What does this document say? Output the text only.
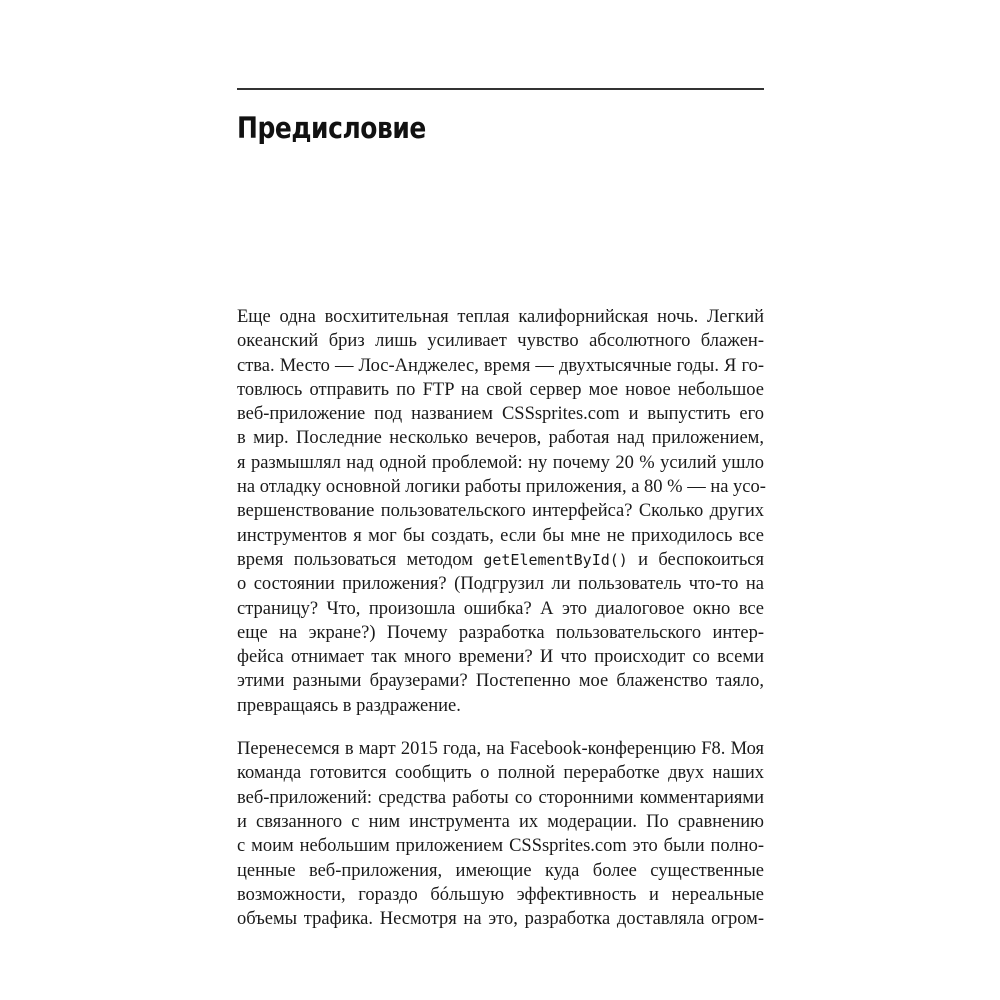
Предисловие

Еще одна восхитительная теплая калифорнийская ночь. Легкий
океанский бриз лишь усиливает чувство абсолютного блажен-
ства. Место — Лос-Анджелес, время — двухтысячные годы. Я го-
товлюсь отправить по FTP на свой сервер мое новое небольшое
веб-приложение под названием CSSsprites.com и выпустить его
в мир. Последние несколько вечеров, работая над приложением,
я размышлял над одной проблемой: ну почему 20 % усилий ушло
на отладку основной логики работы приложения, а 80 % — на усо-
вершенствование пользовательского интерфейса? Сколько других
инструментов я мог бы создать, если бы мне не приходилось все
время пользоваться методом getElementById() и беспокоиться
о состоянии приложения? (Подгрузил ли пользователь что-то на
страницу? Что, произошла ошибка? А это диалоговое окно все
еще на экране?) Почему разработка пользовательского интер-
фейса отнимает так много времени? И что происходит со всеми
этими разными браузерами? Постепенно мое блаженство таяло,
превращаясь в раздражение.

Перенесемся в март 2015 года, на Facebook-конференцию F8. Моя
команда готовится сообщить о полной переработке двух наших
веб-приложений: средства работы со сторонними комментариями
и связанного с ним инструмента их модерации. По сравнению
с моим небольшим приложением CSSsprites.com это были полно-
ценные веб-приложения, имеющие куда более существенные
возможности, гораздо бóльшую эффективность и нереальные
объемы трафика. Несмотря на это, разработка доставляла огром-
